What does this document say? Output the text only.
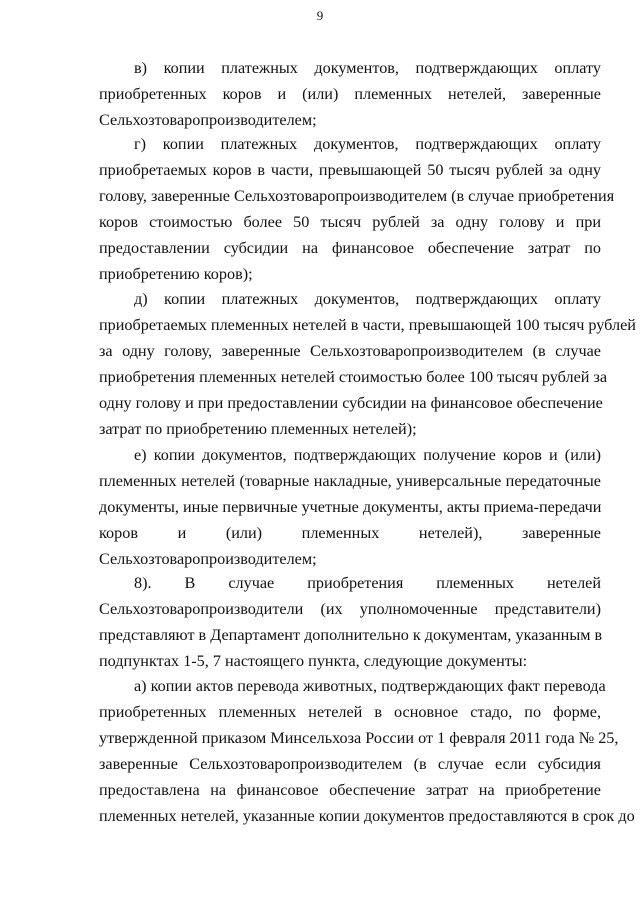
9
в) копии платежных документов, подтверждающих оплату
приобретенных коров и (или) племенных нетелей, заверенные
Сельхозтоваропроизводителем;
г) копии платежных документов, подтверждающих оплату
приобретаемых коров в части, превышающей 50 тысяч рублей за одну
голову, заверенные Сельхозтоваропроизводителем (в случае приобретения
коров стоимостью более 50 тысяч рублей за одну голову и при
предоставлении субсидии на финансовое обеспечение затрат по
приобретению коров);
д) копии платежных документов, подтверждающих оплату
приобретаемых племенных нетелей в части, превышающей 100 тысяч рублей
за одну голову, заверенные Сельхозтоваропроизводителем (в случае
приобретения племенных нетелей стоимостью более 100 тысяч рублей за
одну голову и при предоставлении субсидии на финансовое обеспечение
затрат по приобретению племенных нетелей);
е) копии документов, подтверждающих получение коров и (или)
племенных нетелей (товарные накладные, универсальные передаточные
документы, иные первичные учетные документы, акты приема-передачи
коров и (или) племенных нетелей), заверенные
Сельхозтоваропроизводителем;
8). В случае приобретения племенных нетелей
Сельхозтоваропроизводители (их уполномоченные представители)
представляют в Департамент дополнительно к документам, указанным в
подпунктах 1-5, 7 настоящего пункта, следующие документы:
а) копии актов перевода животных, подтверждающих факт перевода
приобретенных племенных нетелей в основное стадо, по форме,
утвержденной приказом Минсельхоза России от 1 февраля 2011 года № 25,
заверенные Сельхозтоваропроизводителем (в случае если субсидия
предоставлена на финансовое обеспечение затрат на приобретение
племенных нетелей, указанные копии документов предоставляются в срок до
